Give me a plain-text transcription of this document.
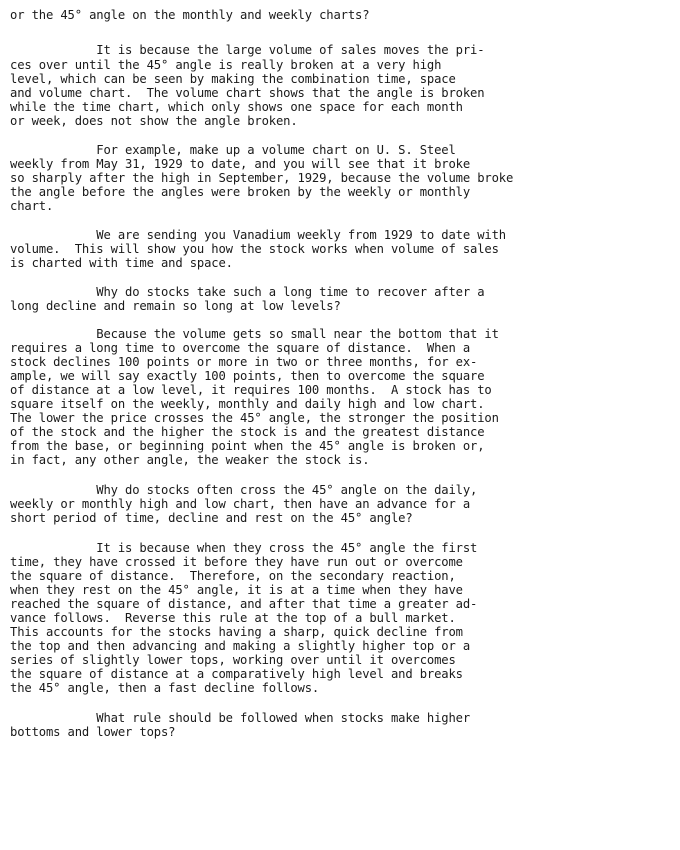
or the 45° angle on the monthly and weekly charts?
It is because the large volume of sales moves the pri-
ces over until the 45° angle is really broken at a very high
level, which can be seen by making the combination time, space
and volume chart.  The volume chart shows that the angle is broken
while the time chart, which only shows one space for each month
or week, does not show the angle broken.
For example, make up a volume chart on U. S. Steel
weekly from May 31, 1929 to date, and you will see that it broke
so sharply after the high in September, 1929, because the volume broke
the angle before the angles were broken by the weekly or monthly
chart.
We are sending you Vanadium weekly from 1929 to date with
volume.  This will show you how the stock works when volume of sales
is charted with time and space.
Why do stocks take such a long time to recover after a
long decline and remain so long at low levels?
Because the volume gets so small near the bottom that it
requires a long time to overcome the square of distance.  When a
stock declines 100 points or more in two or three months, for ex-
ample, we will say exactly 100 points, then to overcome the square
of distance at a low level, it requires 100 months.  A stock has to
square itself on the weekly, monthly and daily high and low chart.
The lower the price crosses the 45° angle, the stronger the position
of the stock and the higher the stock is and the greatest distance
from the base, or beginning point when the 45° angle is broken or,
in fact, any other angle, the weaker the stock is.
Why do stocks often cross the 45° angle on the daily,
weekly or monthly high and low chart, then have an advance for a
short period of time, decline and rest on the 45° angle?
It is because when they cross the 45° angle the first
time, they have crossed it before they have run out or overcome
the square of distance.  Therefore, on the secondary reaction,
when they rest on the 45° angle, it is at a time when they have
reached the square of distance, and after that time a greater ad-
vance follows.  Reverse this rule at the top of a bull market.
This accounts for the stocks having a sharp, quick decline from
the top and then advancing and making a slightly higher top or a
series of slightly lower tops, working over until it overcomes
the square of distance at a comparatively high level and breaks
the 45° angle, then a fast decline follows.
What rule should be followed when stocks make higher
bottoms and lower tops?
